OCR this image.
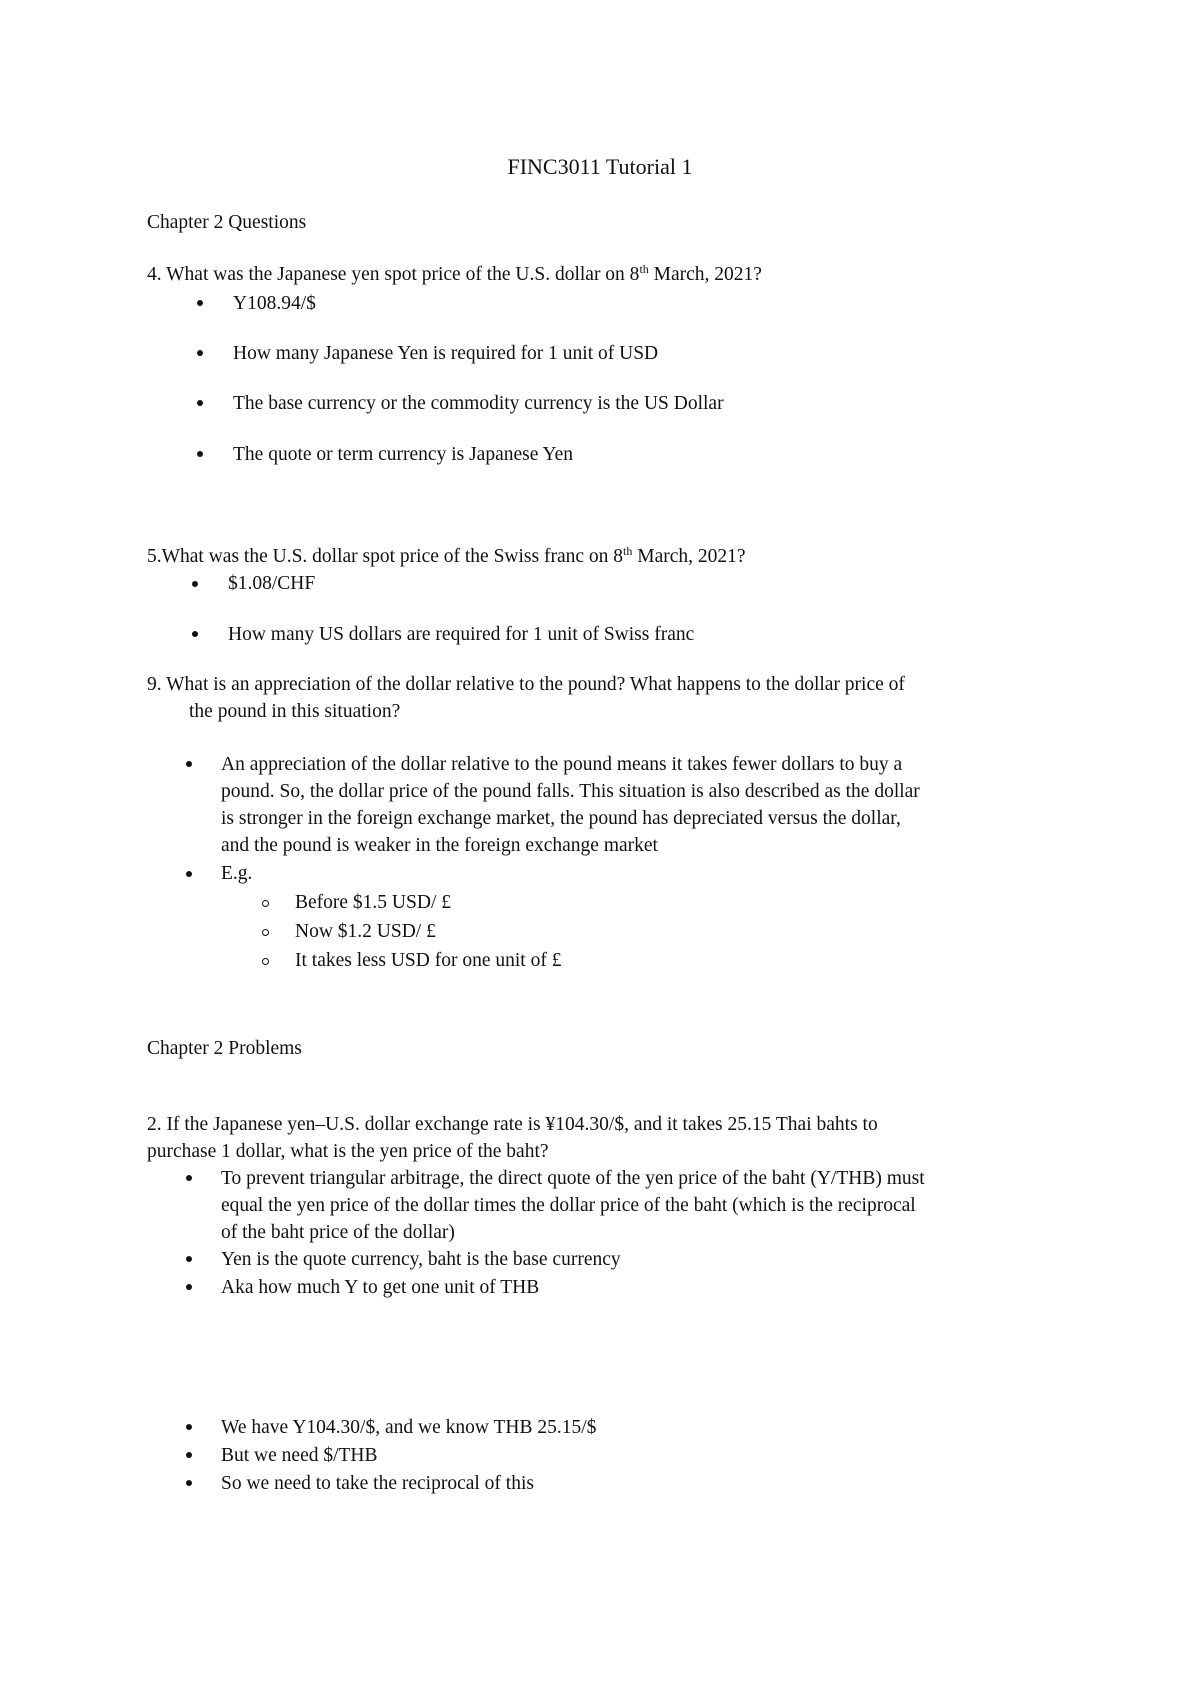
FINC3011 Tutorial 1
Chapter 2 Questions
4. What was the Japanese yen spot price of the U.S. dollar on 8th March, 2021?
Y108.94/$
How many Japanese Yen is required for 1 unit of USD
The base currency or the commodity currency is the US Dollar
The quote or term currency is Japanese Yen
5.What was the U.S. dollar spot price of the Swiss franc on 8th March, 2021?
$1.08/CHF
How many US dollars are required for 1 unit of Swiss franc
9. What is an appreciation of the dollar relative to the pound? What happens to the dollar price of
the pound in this situation?
An appreciation of the dollar relative to the pound means it takes fewer dollars to buy a
pound. So, the dollar price of the pound falls. This situation is also described as the dollar
is stronger in the foreign exchange market, the pound has depreciated versus the dollar,
and the pound is weaker in the foreign exchange market
E.g.
Before $1.5 USD/ £
Now $1.2 USD/ £
It takes less USD for one unit of £
Chapter 2 Problems
2. If the Japanese yen–U.S. dollar exchange rate is ¥104.30/$, and it takes 25.15 Thai bahts to
purchase 1 dollar, what is the yen price of the baht?
To prevent triangular arbitrage, the direct quote of the yen price of the baht (Y/THB) must
equal the yen price of the dollar times the dollar price of the baht (which is the reciprocal
of the baht price of the dollar)
Yen is the quote currency, baht is the base currency
Aka how much Y to get one unit of THB
We have Y104.30/$, and we know THB 25.15/$
But we need $/THB
So we need to take the reciprocal of this
